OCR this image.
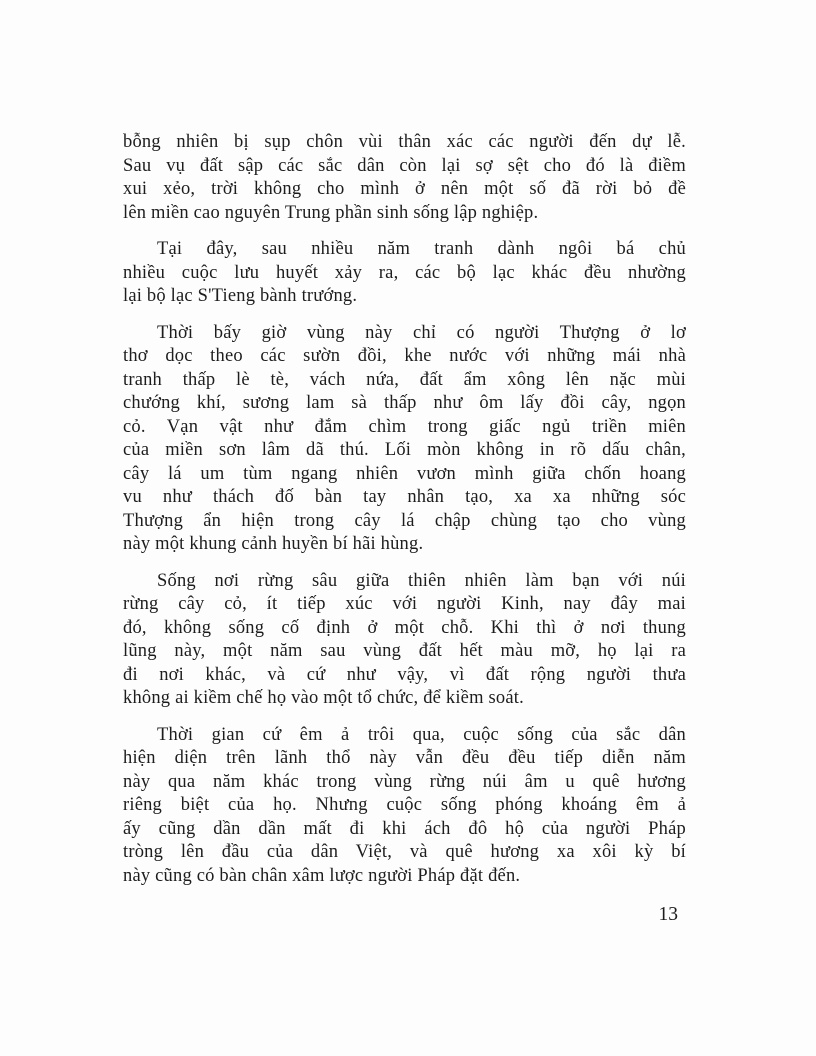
bỗng nhiên bị sụp chôn vùi thân xác các người đến dự lễ.
Sau vụ đất sập các sắc dân còn lại sợ sệt cho đó là điềm
xui xẻo, trời không cho mình ở nên một số đã rời bỏ đề
lên miền cao nguyên Trung phần sinh sống lập nghiệp.

Tại đây, sau nhiều năm tranh dành ngôi bá chủ
nhiều cuộc lưu huyết xảy ra, các bộ lạc khác đều nhường
lại bộ lạc S'Tieng bành trướng.

Thời bấy giờ vùng này chỉ có người Thượng ở lơ
thơ dọc theo các sườn đồi, khe nước với những mái nhà
tranh thấp lè tè, vách nứa, đất ẩm xông lên nặc mùi
chướng khí, sương lam sà thấp như ôm lấy đồi cây, ngọn
cỏ. Vạn vật như đắm chìm trong giấc ngủ triền miên
của miền sơn lâm dã thú. Lối mòn không in rõ dấu chân,
cây lá um tùm ngang nhiên vươn mình giữa chốn hoang
vu như thách đố bàn tay nhân tạo, xa xa những sóc
Thượng ẩn hiện trong cây lá chập chùng tạo cho vùng
này một khung cảnh huyền bí hãi hùng.

Sống nơi rừng sâu giữa thiên nhiên làm bạn với núi
rừng cây cỏ, ít tiếp xúc với người Kinh, nay đây mai
đó, không sống cố định ở một chỗ. Khi thì ở nơi thung
lũng này, một năm sau vùng đất hết màu mỡ, họ lại ra
đi nơi khác, và cứ như vậy, vì đất rộng người thưa
không ai kiềm chế họ vào một tổ chức, để kiềm soát.

Thời gian cứ êm ả trôi qua, cuộc sống của sắc dân
hiện diện trên lãnh thổ này vẫn đều đều tiếp diễn năm
này qua năm khác trong vùng rừng núi âm u quê hương
riêng biệt của họ. Nhưng cuộc sống phóng khoáng êm ả
ấy cũng dần dần mất đi khi ách đô hộ của người Pháp
tròng lên đầu của dân Việt, và quê hương xa xôi kỳ bí
này cũng có bàn chân xâm lược người Pháp đặt đến.

13
